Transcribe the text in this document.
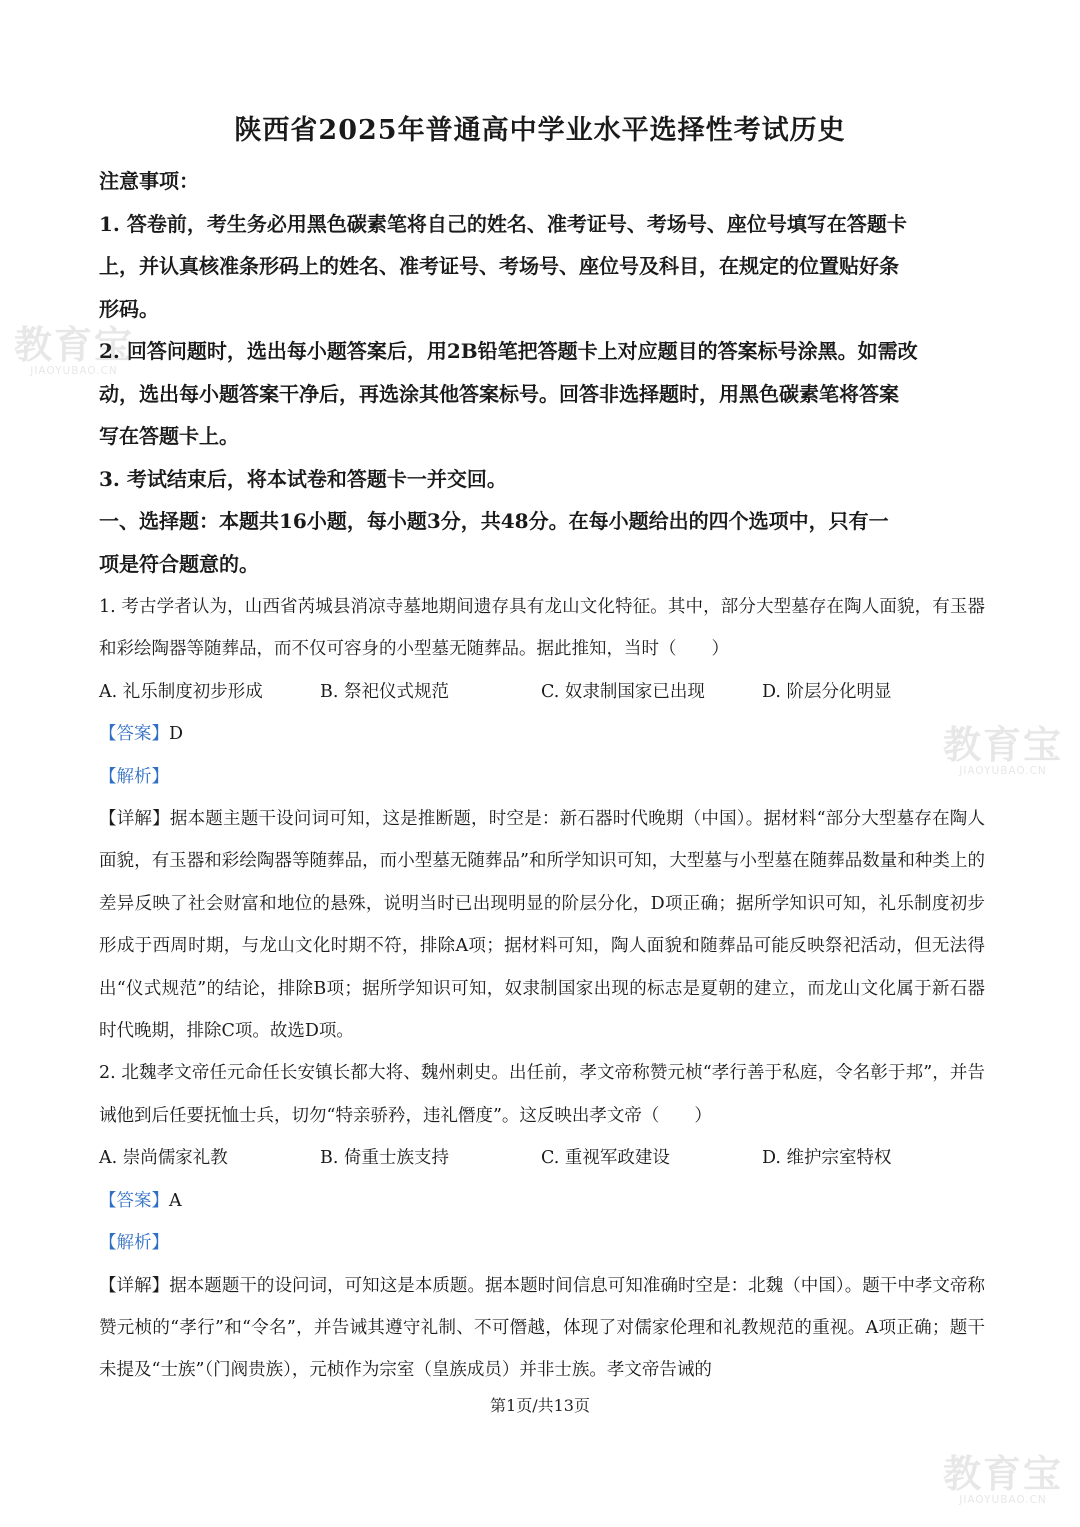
陕西省2025年普通高中学业水平选择性考试历史

注意事项：

1. 答卷前，考生务必用黑色碳素笔将自己的姓名、准考证号、考场号、座位号填写在答题卡

上，并认真核准条形码上的姓名、准考证号、考场号、座位号及科目，在规定的位置贴好条

形码。

2. 回答问题时，选出每小题答案后，用2B铅笔把答题卡上对应题目的答案标号涂黑。如需改

动，选出每小题答案干净后，再选涂其他答案标号。回答非选择题时，用黑色碳素笔将答案

写在答题卡上。

3. 考试结束后，将本试卷和答题卡一并交回。

一、选择题：本题共16小题，每小题3分，共48分。在每小题给出的四个选项中，只有一

项是符合题意的。

1. 考古学者认为，山西省芮城县消凉寺墓地期间遗存具有龙山文化特征。其中，部分大型墓存在陶人面貌，有玉器和彩绘陶器等随葬品，而不仅可容身的小型墓无随葬品。据此推知，当时（　　）

A. 礼乐制度初步形成	B. 祭祀仪式规范	C. 奴隶制国家已出现	D. 阶层分化明显

【答案】D

【解析】

【详解】据本题主题干设问词可知，这是推断题，时空是：新石器时代晚期（中国）。据材料“部分大型墓存在陶人面貌，有玉器和彩绘陶器等随葬品，而小型墓无随葬品”和所学知识可知，大型墓与小型墓在随葬品数量和种类上的差异反映了社会财富和地位的悬殊，说明当时已出现明显的阶层分化，D项正确；据所学知识可知，礼乐制度初步形成于西周时期，与龙山文化时期不符，排除A项；据材料可知，陶人面貌和随葬品可能反映祭祀活动，但无法得出“仪式规范”的结论，排除B项；据所学知识可知，奴隶制国家出现的标志是夏朝的建立，而龙山文化属于新石器时代晚期，排除C项。故选D项。

2. 北魏孝文帝任元命任长安镇长都大将、魏州刺史。出任前，孝文帝称赞元桢“孝行善于私庭，令名彰于邦”，并告诫他到后任要抚恤士兵，切勿“特亲骄矜，违礼僭度”。这反映出孝文帝（　　）

A. 崇尚儒家礼教	B. 倚重士族支持	C. 重视军政建设	D. 维护宗室特权

【答案】A

【解析】

【详解】据本题题干的设问词，可知这是本质题。据本题时间信息可知准确时空是：北魏（中国）。题干中孝文帝称赞元桢的“孝行”和“令名”，并告诫其遵守礼制、不可僭越，体现了对儒家伦理和礼教规范的重视。A项正确；题干未提及“士族”（门阀贵族），元桢作为宗室（皇族成员）并非士族。孝文帝告诫的

第1页/共13页
教育宝
JIAOYUBAO.CN
教育宝
JIAOYUBAO.CN
教育宝
JIAOYUBAO.CN
